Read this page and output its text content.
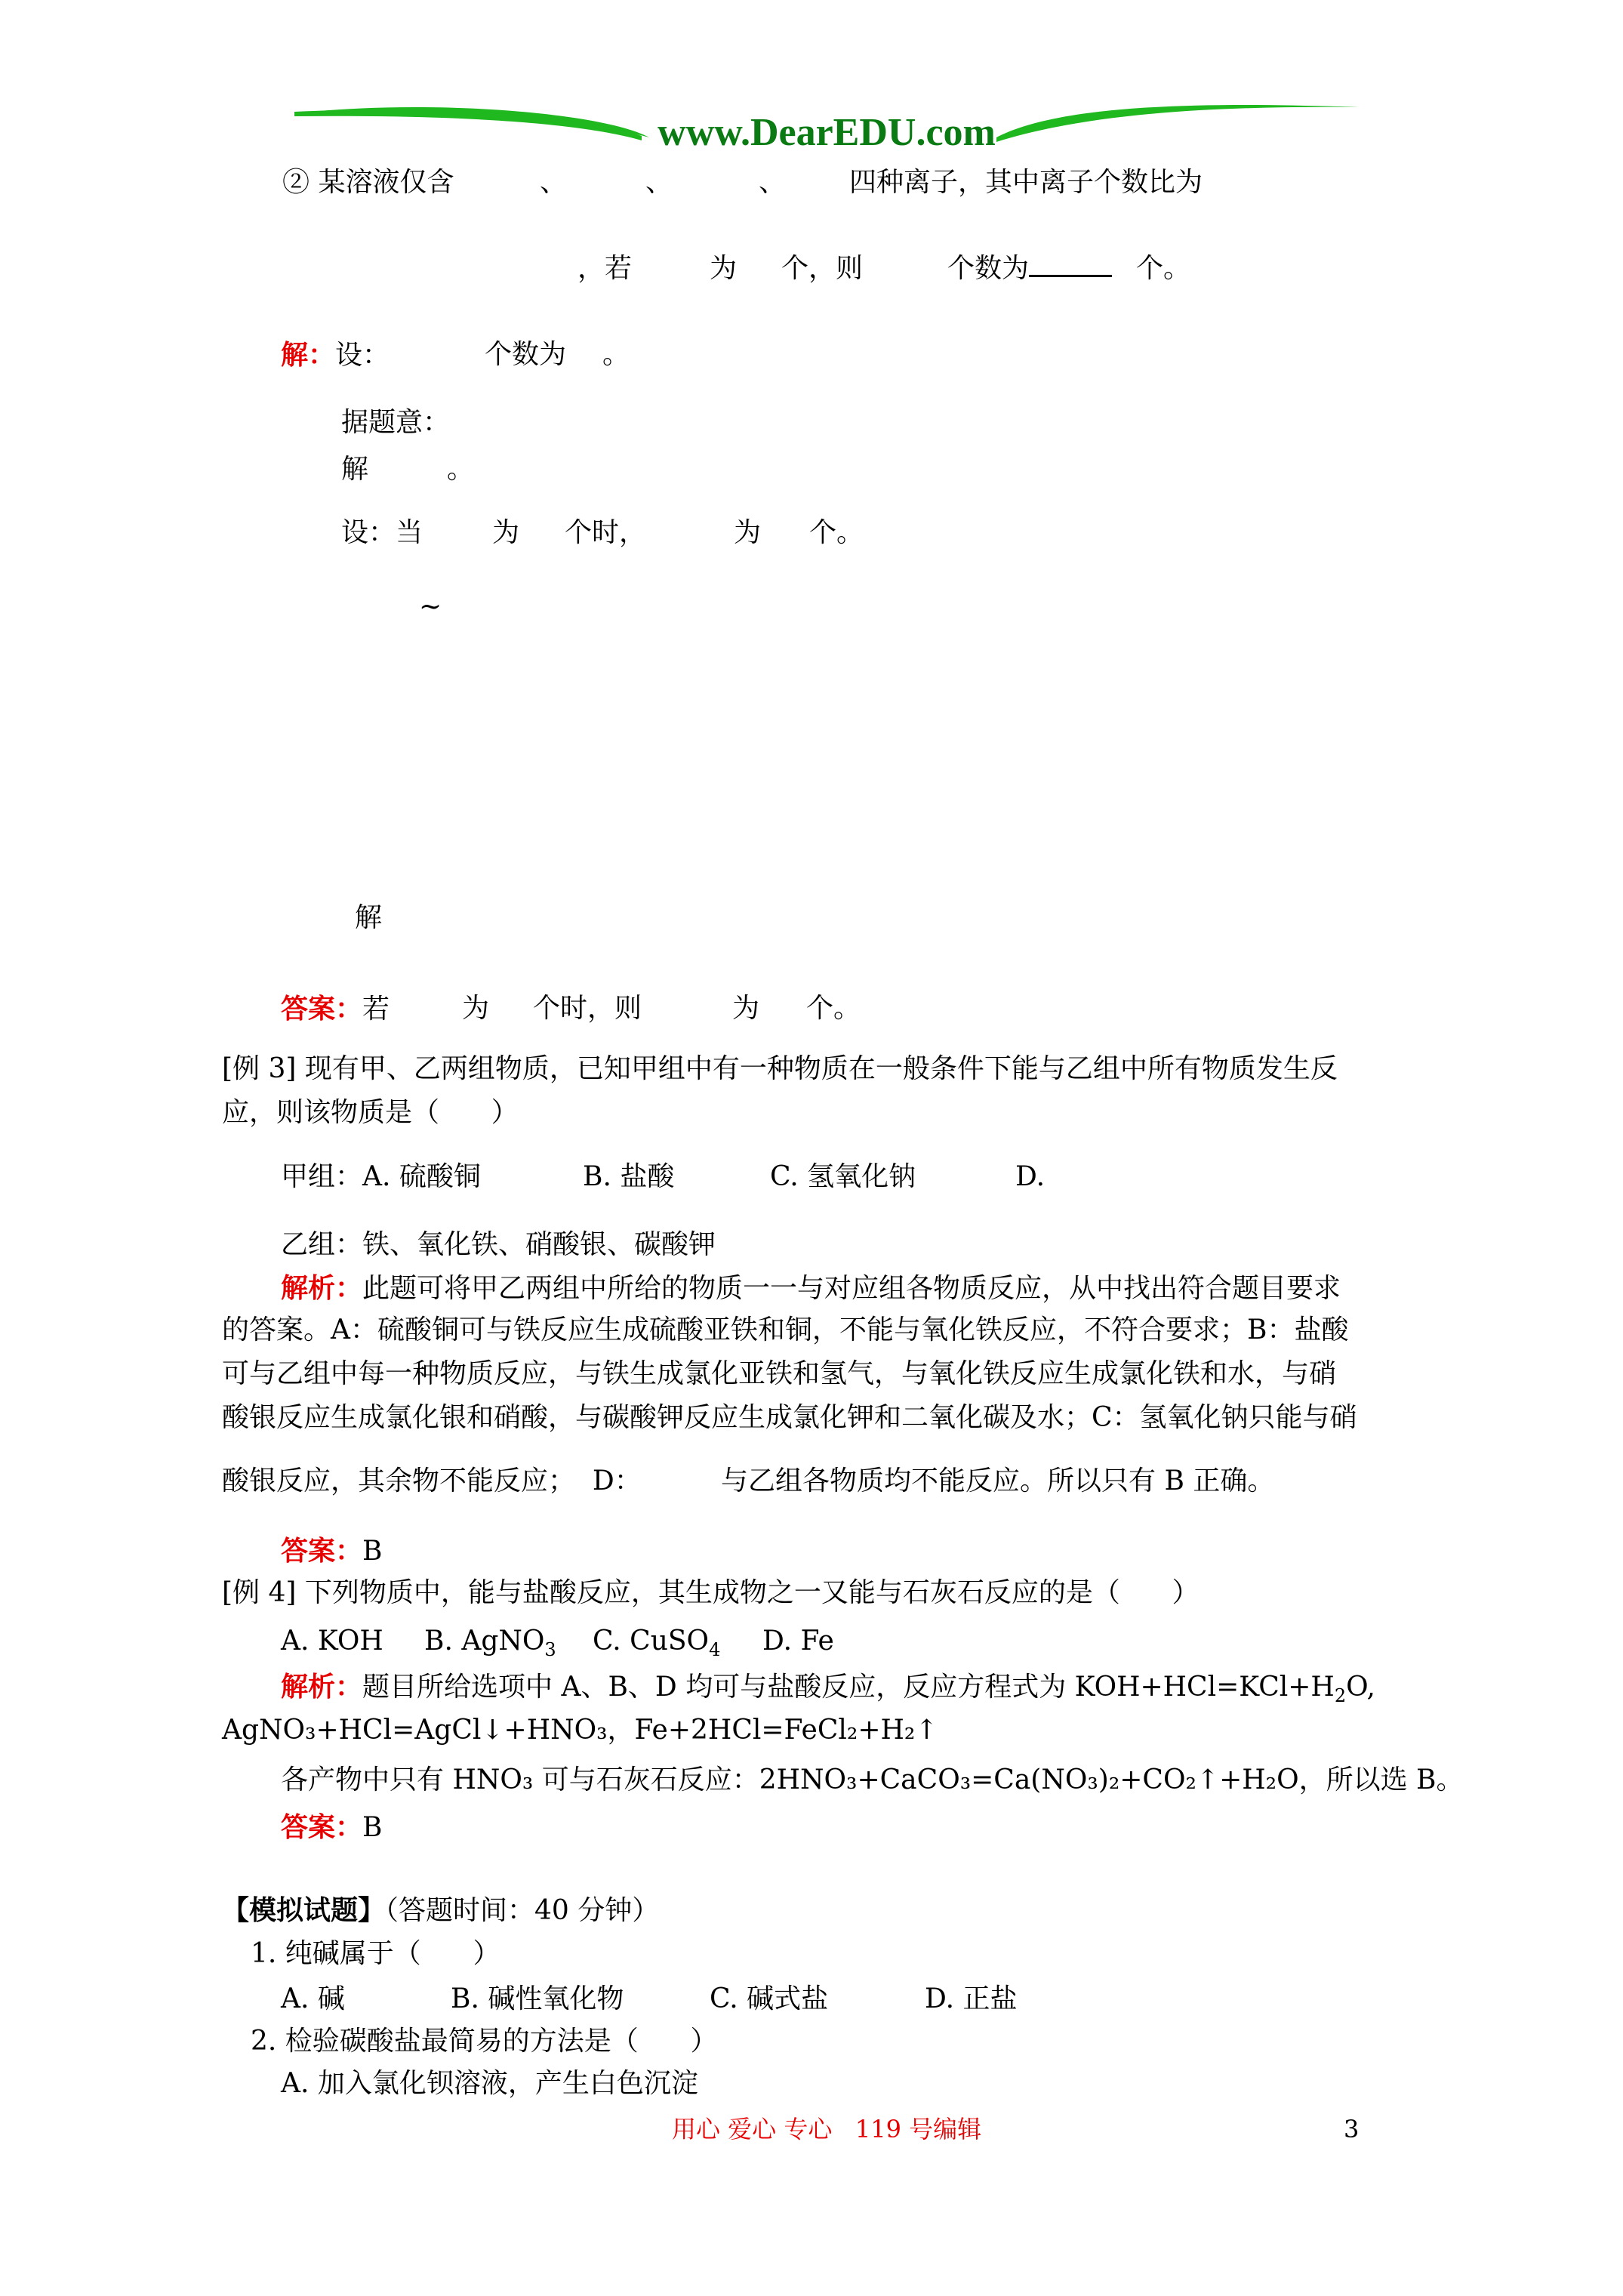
www.DearEDU.com
② 某溶液仅含	、	、	、 四种离子，其中离子个数比为
，若	为 个，则	个数为	个。
解：设：	个数为 。
据题意：
解	。
设：当	为 个时，	为 个。
~
解
答案：若	为 个时，则	为 个。
[例 3] 现有甲、乙两组物质，已知甲组中有一种物质在一般条件下能与乙组中所有物质发生反
应，则该物质是（      ）
甲组：A. 硫酸铜	B. 盐酸	C. 氢氧化钠	D.
乙组：铁、氧化铁、硝酸银、碳酸钾
解析：此题可将甲乙两组中所给的物质一一与对应组各物质反应，从中找出符合题目要求
的答案。A：硫酸铜可与铁反应生成硫酸亚铁和铜，不能与氧化铁反应，不符合要求；B：盐酸
可与乙组中每一种物质反应，与铁生成氯化亚铁和氢气，与氧化铁反应生成氯化铁和水，与硝
酸银反应生成氯化银和硝酸，与碳酸钾反应生成氯化钾和二氧化碳及水；C：氢氧化钠只能与硝
酸银反应，其余物不能反应；  D：	与乙组各物质均不能反应。所以只有 B 正确。
答案：B
[例 4] 下列物质中，能与盐酸反应，其生成物之一又能与石灰石反应的是（      ）
A. KOH B. AgNO$_3$ C. CuSO$_4$ D. Fe
解析：题目所给选项中 A、B、D 均可与盐酸反应，反应方程式为 $KOH+HCl=KCl+H_2O$,
AgNO₃+HCl=AgCl↓+HNO₃，Fe+2HCl=FeCl₂+H₂↑
各产物中只有 HNO₃ 可与石灰石反应：2HNO₃+CaCO₃=Ca(NO₃)₂+CO₂↑+H₂O，所以选 B。
答案：B
【模拟试题】（答题时间：40 分钟）
1. 纯碱属于（      ）
A. 碱	B. 碱性氧化物	C. 碱式盐	D. 正盐
2. 检验碳酸盐最简易的方法是（      ）
A. 加入氯化钡溶液，产生白色沉淀
用心 爱心 专心   119 号编辑	3
